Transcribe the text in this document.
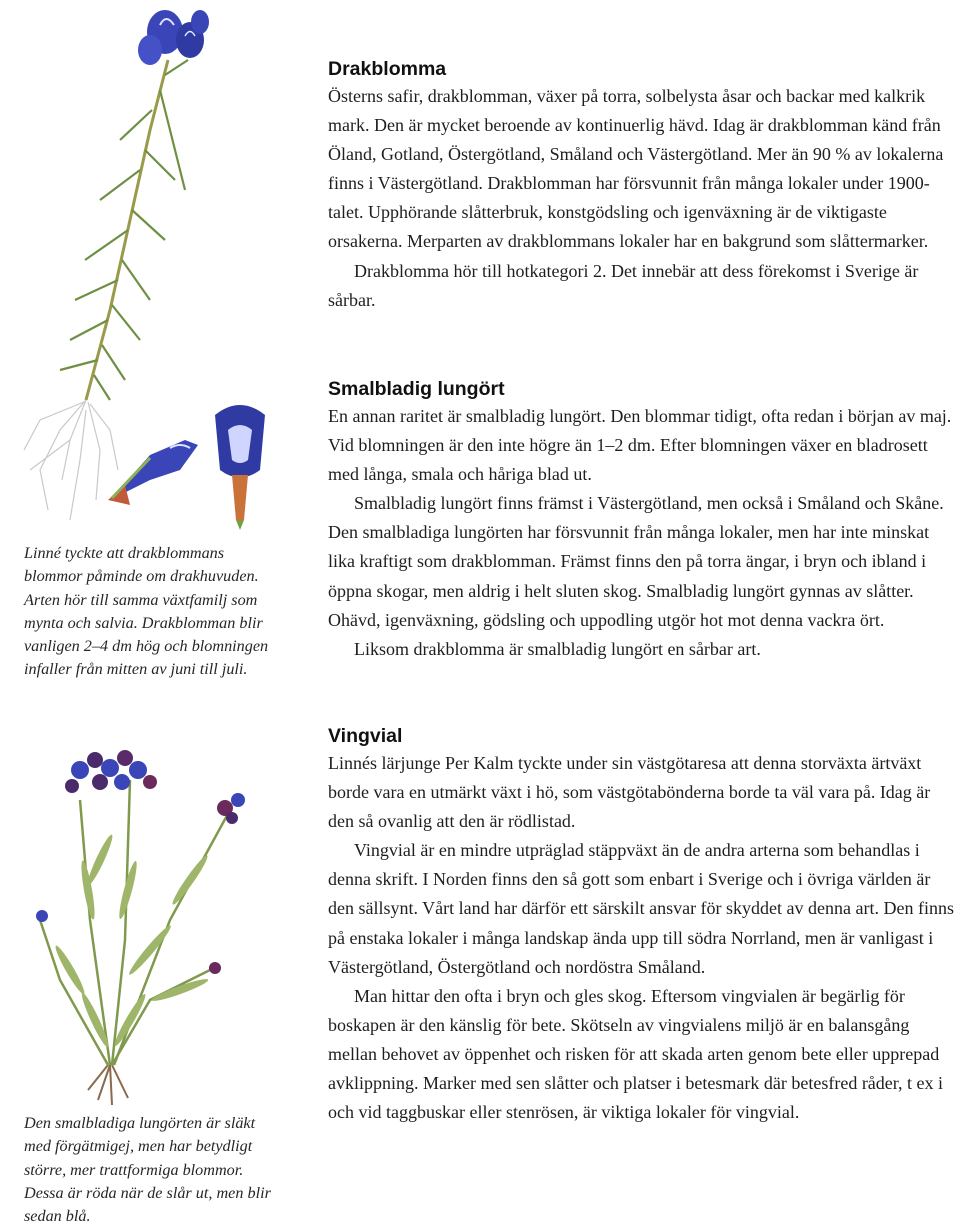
Linné tyckte att drakblommans blommor påminde om drakhuvuden. Arten hör till samma växtfamilj som mynta och salvia. Drakblomman blir vanligen 2–4 dm hög och blomningen infaller från mitten av juni till juli.

Den smalbladiga lungörten är släkt med förgätmigej, men har betydligt större, mer trattformiga blommor. Dessa är röda när de slår ut, men blir sedan blå.

Drakblomma

Österns safir, drakblomman, växer på torra, solbelysta åsar och backar med kalkrik mark. Den är mycket beroende av kontinuerlig hävd. Idag är drakblomman känd från Öland, Gotland, Östergötland, Småland och Västergötland. Mer än 90 % av lokalerna finns i Västergötland. Drakblomman har försvunnit från många lokaler under 1900-talet. Upphörande slåtterbruk, konstgödsling och igenväxning är de viktigaste orsakerna. Merparten av drakblommans lokaler har en bakgrund som slåttermarker.

Drakblomma hör till hotkategori 2. Det innebär att dess förekomst i Sverige är sårbar.

Smalbladig lungört

En annan raritet är smalbladig lungört. Den blommar tidigt, ofta redan i början av maj. Vid blomningen är den inte högre än 1–2 dm. Efter blomningen växer en bladrosett med långa, smala och håriga blad ut.

Smalbladig lungört finns främst i Västergötland, men också i Småland och Skåne. Den smalbladiga lungörten har försvunnit från många lokaler, men har inte minskat lika kraftigt som drakblomman. Främst finns den på torra ängar, i bryn och ibland i öppna skogar, men aldrig i helt sluten skog. Smalbladig lungört gynnas av slåtter. Ohävd, igenväxning, gödsling och uppodling utgör hot mot denna vackra ört.

Liksom drakblomma är smalbladig lungört en sårbar art.

Vingvial

Linnés lärjunge Per Kalm tyckte under sin västgötaresa att denna storväxta ärtväxt borde vara en utmärkt växt i hö, som västgötabönderna borde ta väl vara på. Idag är den så ovanlig att den är rödlistad.

Vingvial är en mindre utpräglad stäppväxt än de andra arterna som behandlas i denna skrift. I Norden finns den så gott som enbart i Sverige och i övriga världen är den sällsynt. Vårt land har därför ett särskilt ansvar för skyddet av denna art. Den finns på enstaka lokaler i många landskap ända upp till södra Norrland, men är vanligast i Västergötland, Östergötland och nordöstra Småland.

Man hittar den ofta i bryn och gles skog. Eftersom vingvialen är begärlig för boskapen är den känslig för bete. Skötseln av vingvialens miljö är en balansgång mellan behovet av öppenhet och risken för att skada arten genom bete eller upprepad avklippning. Marker med sen slåtter och platser i betesmark där betesfred råder, t ex i och vid taggbuskar eller stenrösen, är viktiga lokaler för vingvial.
